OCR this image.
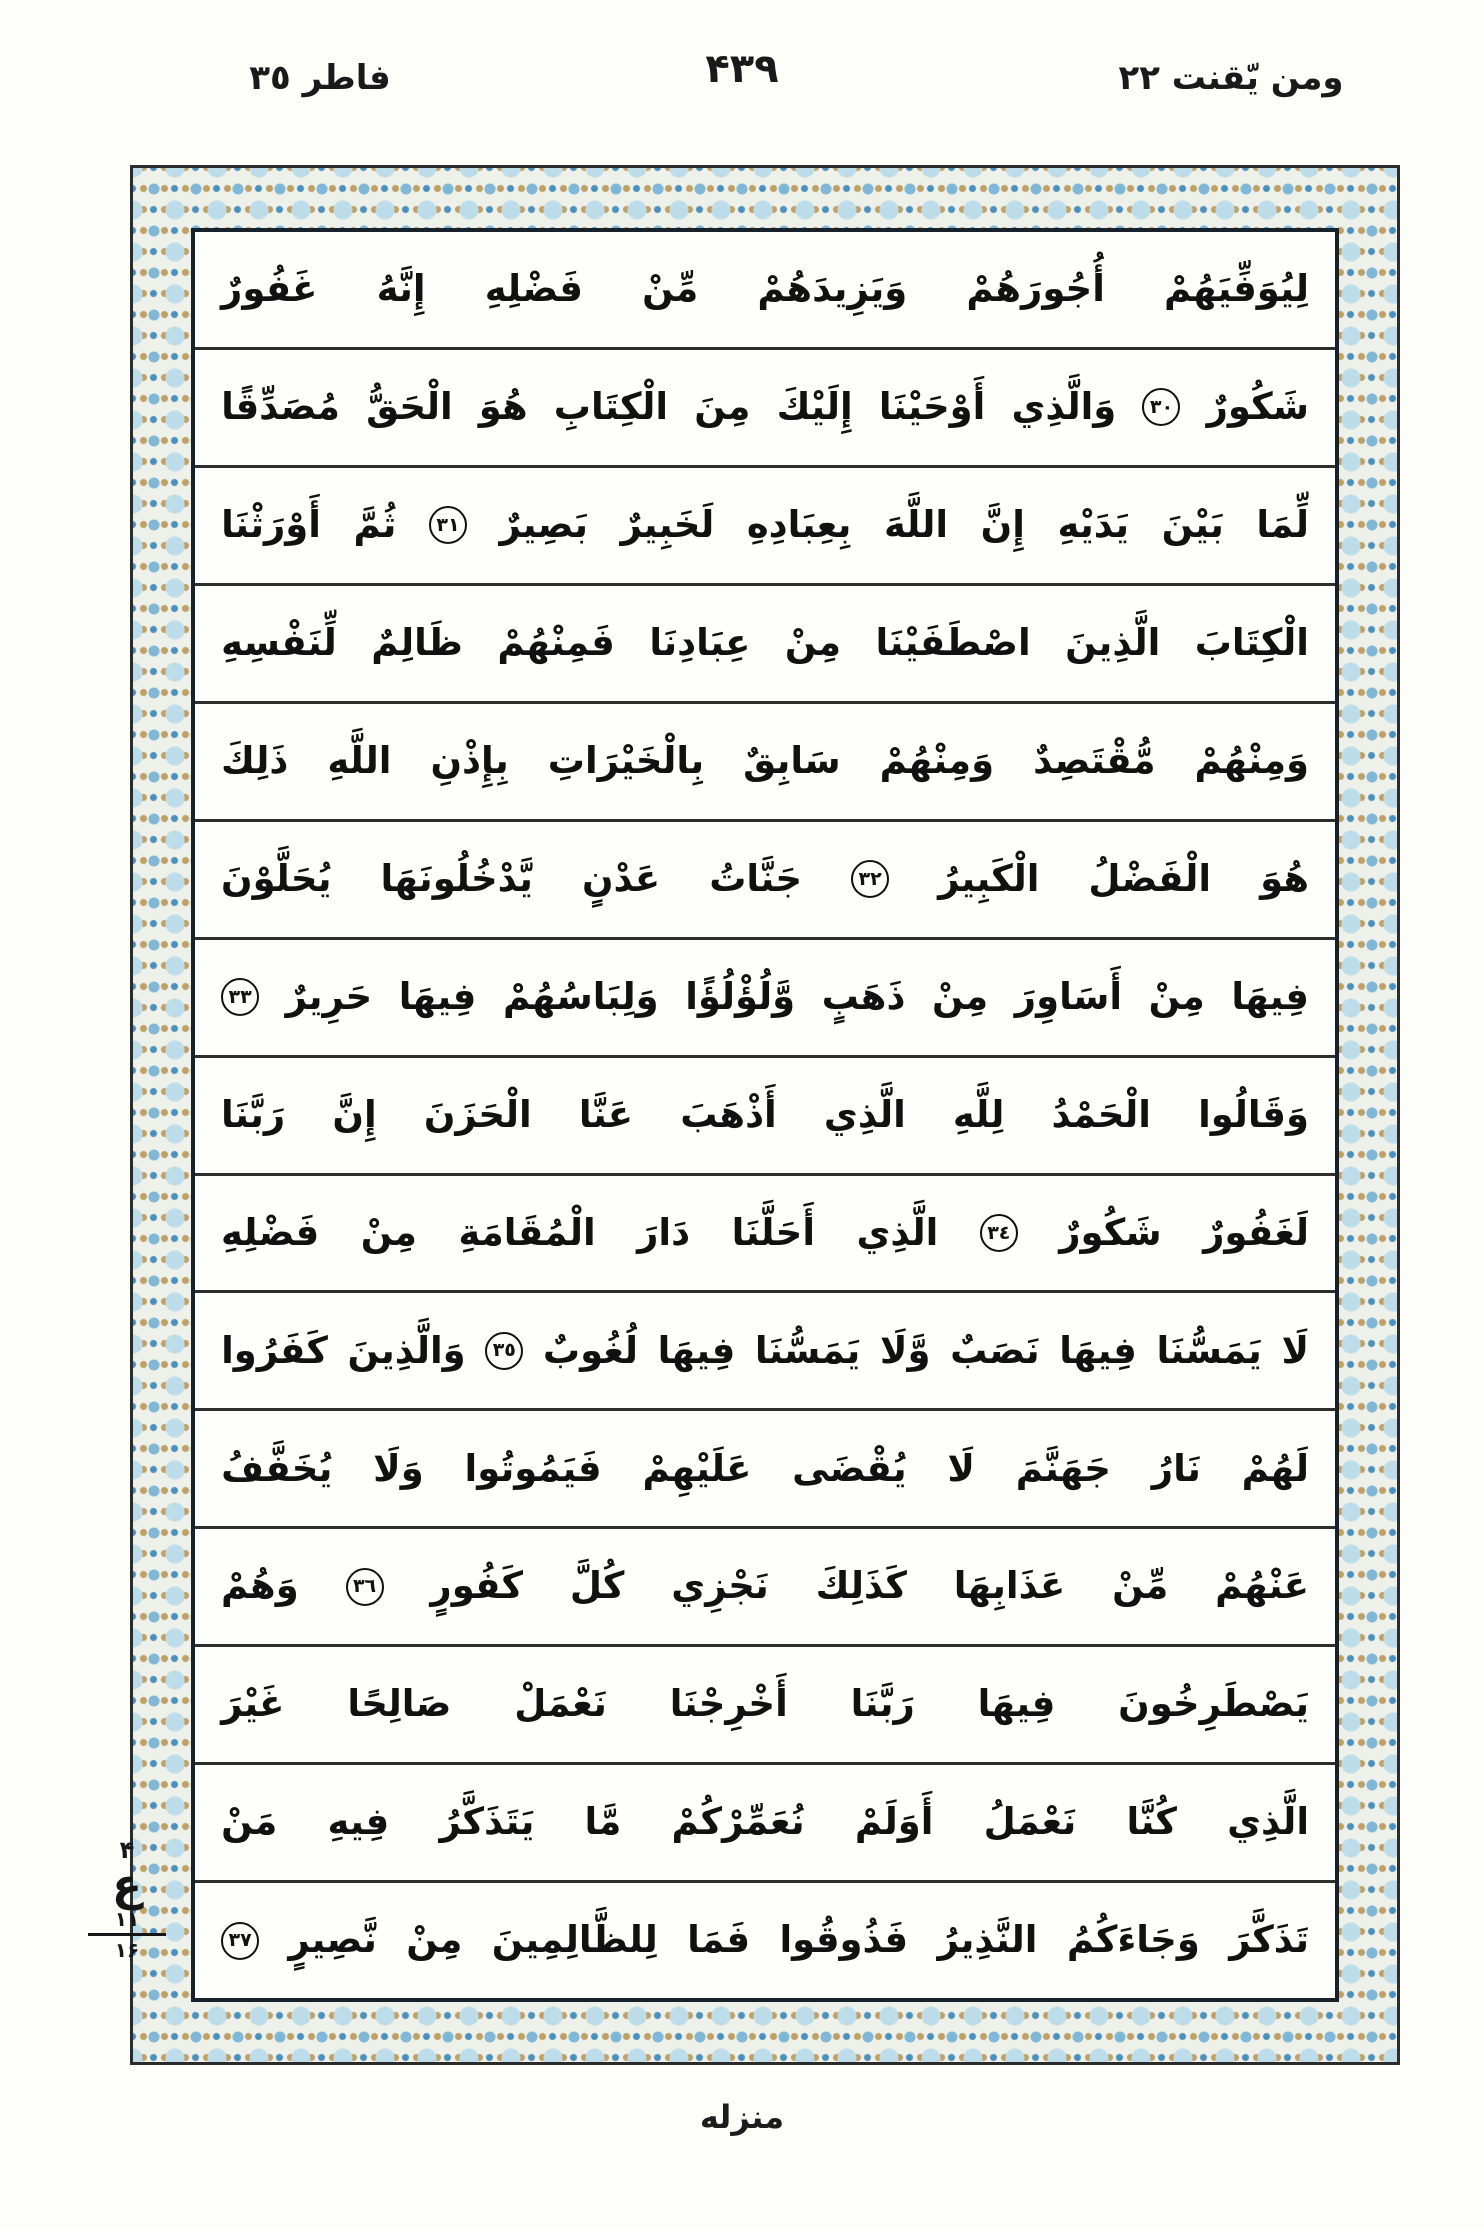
فاطر ٣٥	۴۳۹	ومن يّقنت ٢٢
لِيُوَفِّيَهُمْ
أُجُورَهُمْ
وَيَزِيدَهُمْ
مِّنْ
فَضْلِهِ
إِنَّهُ
غَفُورٌ
شَكُورٌ
٣٠
وَالَّذِي
أَوْحَيْنَا
إِلَيْكَ
مِنَ
الْكِتَابِ
هُوَ
الْحَقُّ
مُصَدِّقًا
لِّمَا
بَيْنَ
يَدَيْهِ
إِنَّ
اللَّهَ
بِعِبَادِهِ
لَخَبِيرٌ
بَصِيرٌ
٣١
ثُمَّ
أَوْرَثْنَا
الْكِتَابَ
الَّذِينَ
اصْطَفَيْنَا
مِنْ
عِبَادِنَا
فَمِنْهُمْ
ظَالِمٌ
لِّنَفْسِهِ
وَمِنْهُمْ
مُّقْتَصِدٌ
وَمِنْهُمْ
سَابِقٌ
بِالْخَيْرَاتِ
بِإِذْنِ
اللَّهِ
ذَلِكَ
هُوَ
الْفَضْلُ
الْكَبِيرُ
٣٢
جَنَّاتُ
عَدْنٍ
يَّدْخُلُونَهَا
يُحَلَّوْنَ
فِيهَا
مِنْ
أَسَاوِرَ
مِنْ
ذَهَبٍ
وَّلُؤْلُؤًا
وَلِبَاسُهُمْ
فِيهَا
حَرِيرٌ
٣٣
وَقَالُوا
الْحَمْدُ
لِلَّهِ
الَّذِي
أَذْهَبَ
عَنَّا
الْحَزَنَ
إِنَّ
رَبَّنَا
لَغَفُورٌ
شَكُورٌ
٣٤
الَّذِي
أَحَلَّنَا
دَارَ
الْمُقَامَةِ
مِنْ
فَضْلِهِ
لَا
يَمَسُّنَا
فِيهَا
نَصَبٌ
وَّلَا
يَمَسُّنَا
فِيهَا
لُغُوبٌ
٣٥
وَالَّذِينَ
كَفَرُوا
لَهُمْ
نَارُ
جَهَنَّمَ
لَا
يُقْضَى
عَلَيْهِمْ
فَيَمُوتُوا
وَلَا
يُخَفَّفُ
عَنْهُمْ
مِّنْ
عَذَابِهَا
كَذَلِكَ
نَجْزِي
كُلَّ
كَفُورٍ
٣٦
وَهُمْ
يَصْطَرِخُونَ
فِيهَا
رَبَّنَا
أَخْرِجْنَا
نَعْمَلْ
صَالِحًا
غَيْرَ
الَّذِي
كُنَّا
نَعْمَلُ
أَوَلَمْ
نُعَمِّرْكُمْ
مَّا
يَتَذَكَّرُ
فِيهِ
مَنْ
تَذَكَّرَ
وَجَاءَكُمُ
النَّذِيرُ
فَذُوقُوا
فَمَا
لِلظَّالِمِينَ
مِنْ
نَّصِيرٍ
٣٧
۴
ع
۱۱
۱۶
منزله
